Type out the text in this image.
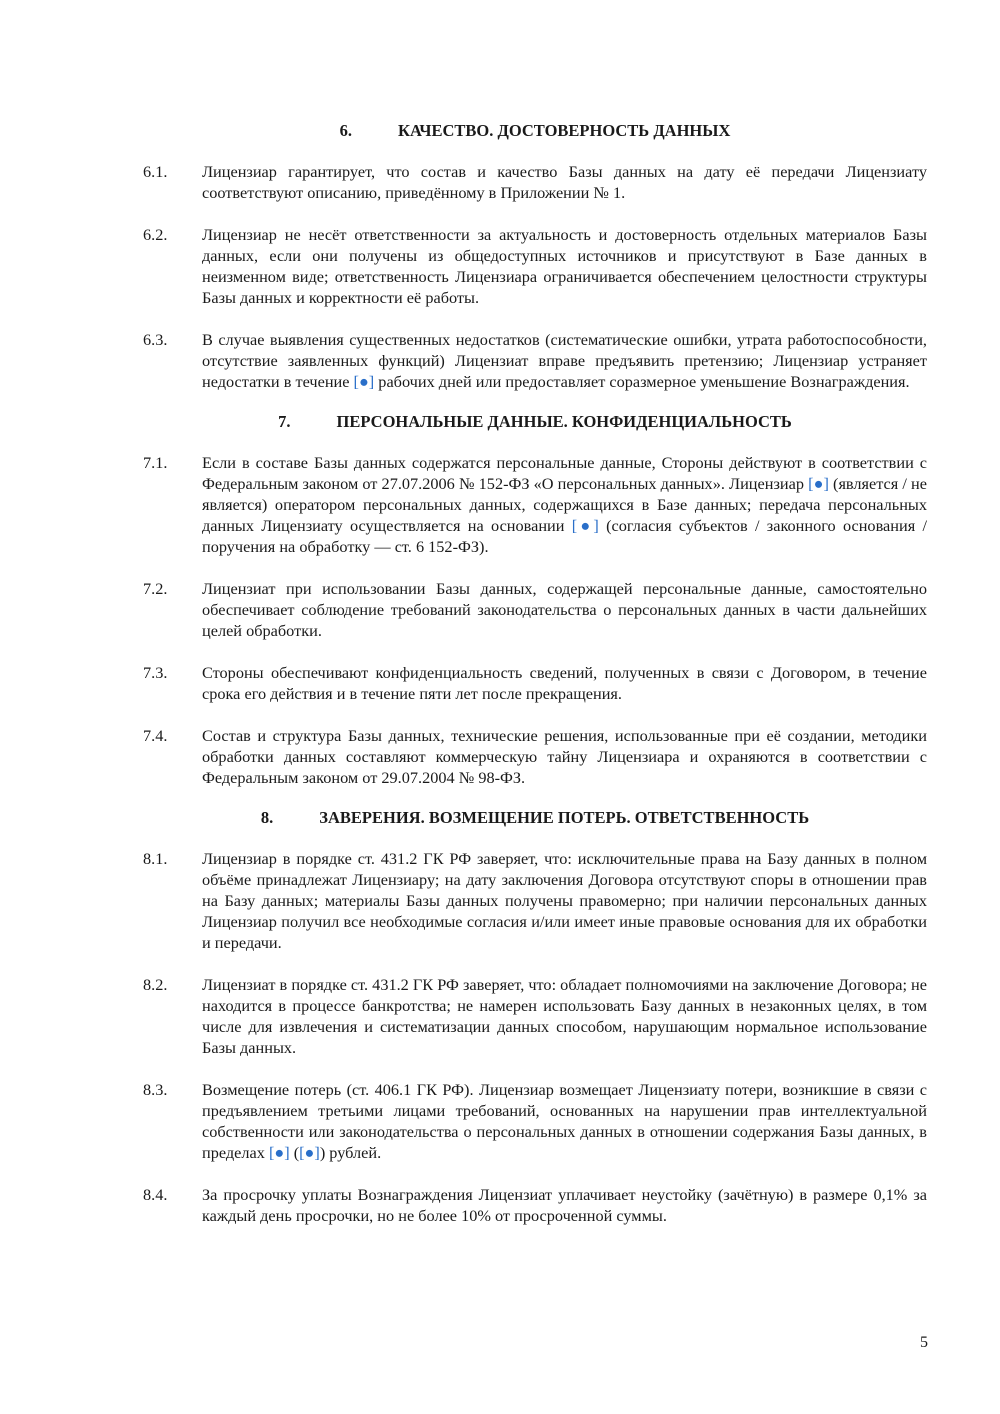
6.	КАЧЕСТВО. ДОСТОВЕРНОСТЬ ДАННЫХ
6.1.	Лицензиар гарантирует, что состав и качество Базы данных на дату её передачи Лицензиату соответствуют описанию, приведённому в Приложении № 1.
6.2.	Лицензиар не несёт ответственности за актуальность и достоверность отдельных материалов Базы данных, если они получены из общедоступных источников и присутствуют в Базе данных в неизменном виде; ответственность Лицензиара ограничивается обеспечением целостности структуры Базы данных и корректности её работы.
6.3.	В случае выявления существенных недостатков (систематические ошибки, утрата работоспособности, отсутствие заявленных функций) Лицензиат вправе предъявить претензию; Лицензиар устраняет недостатки в течение [●] рабочих дней или предоставляет соразмерное уменьшение Вознаграждения.
7.	ПЕРСОНАЛЬНЫЕ ДАННЫЕ. КОНФИДЕНЦИАЛЬНОСТЬ
7.1.	Если в составе Базы данных содержатся персональные данные, Стороны действуют в соответствии с Федеральным законом от 27.07.2006 № 152-ФЗ «О персональных данных». Лицензиар [●] (является / не является) оператором персональных данных, содержащихся в Базе данных; передача персональных данных Лицензиату осуществляется на основании [●] (согласия субъектов / законного основания / поручения на обработку — ст. 6 152-ФЗ).
7.2.	Лицензиат при использовании Базы данных, содержащей персональные данные, самостоятельно обеспечивает соблюдение требований законодательства о персональных данных в части дальнейших целей обработки.
7.3.	Стороны обеспечивают конфиденциальность сведений, полученных в связи с Договором, в течение срока его действия и в течение пяти лет после прекращения.
7.4.	Состав и структура Базы данных, технические решения, использованные при её создании, методики обработки данных составляют коммерческую тайну Лицензиара и охраняются в соответствии с Федеральным законом от 29.07.2004 № 98-ФЗ.
8.	ЗАВЕРЕНИЯ. ВОЗМЕЩЕНИЕ ПОТЕРЬ. ОТВЕТСТВЕННОСТЬ
8.1.	Лицензиар в порядке ст. 431.2 ГК РФ заверяет, что: исключительные права на Базу данных в полном объёме принадлежат Лицензиару; на дату заключения Договора отсутствуют споры в отношении прав на Базу данных; материалы Базы данных получены правомерно; при наличии персональных данных Лицензиар получил все необходимые согласия и/или имеет иные правовые основания для их обработки и передачи.
8.2.	Лицензиат в порядке ст. 431.2 ГК РФ заверяет, что: обладает полномочиями на заключение Договора; не находится в процессе банкротства; не намерен использовать Базу данных в незаконных целях, в том числе для извлечения и систематизации данных способом, нарушающим нормальное использование Базы данных.
8.3.	Возмещение потерь (ст. 406.1 ГК РФ). Лицензиар возмещает Лицензиату потери, возникшие в связи с предъявлением третьими лицами требований, основанных на нарушении прав интеллектуальной собственности или законодательства о персональных данных в отношении содержания Базы данных, в пределах [●] ([●]) рублей.
8.4.	За просрочку уплаты Вознаграждения Лицензиат уплачивает неустойку (зачётную) в размере 0,1% за каждый день просрочки, но не более 10% от просроченной суммы.
5
